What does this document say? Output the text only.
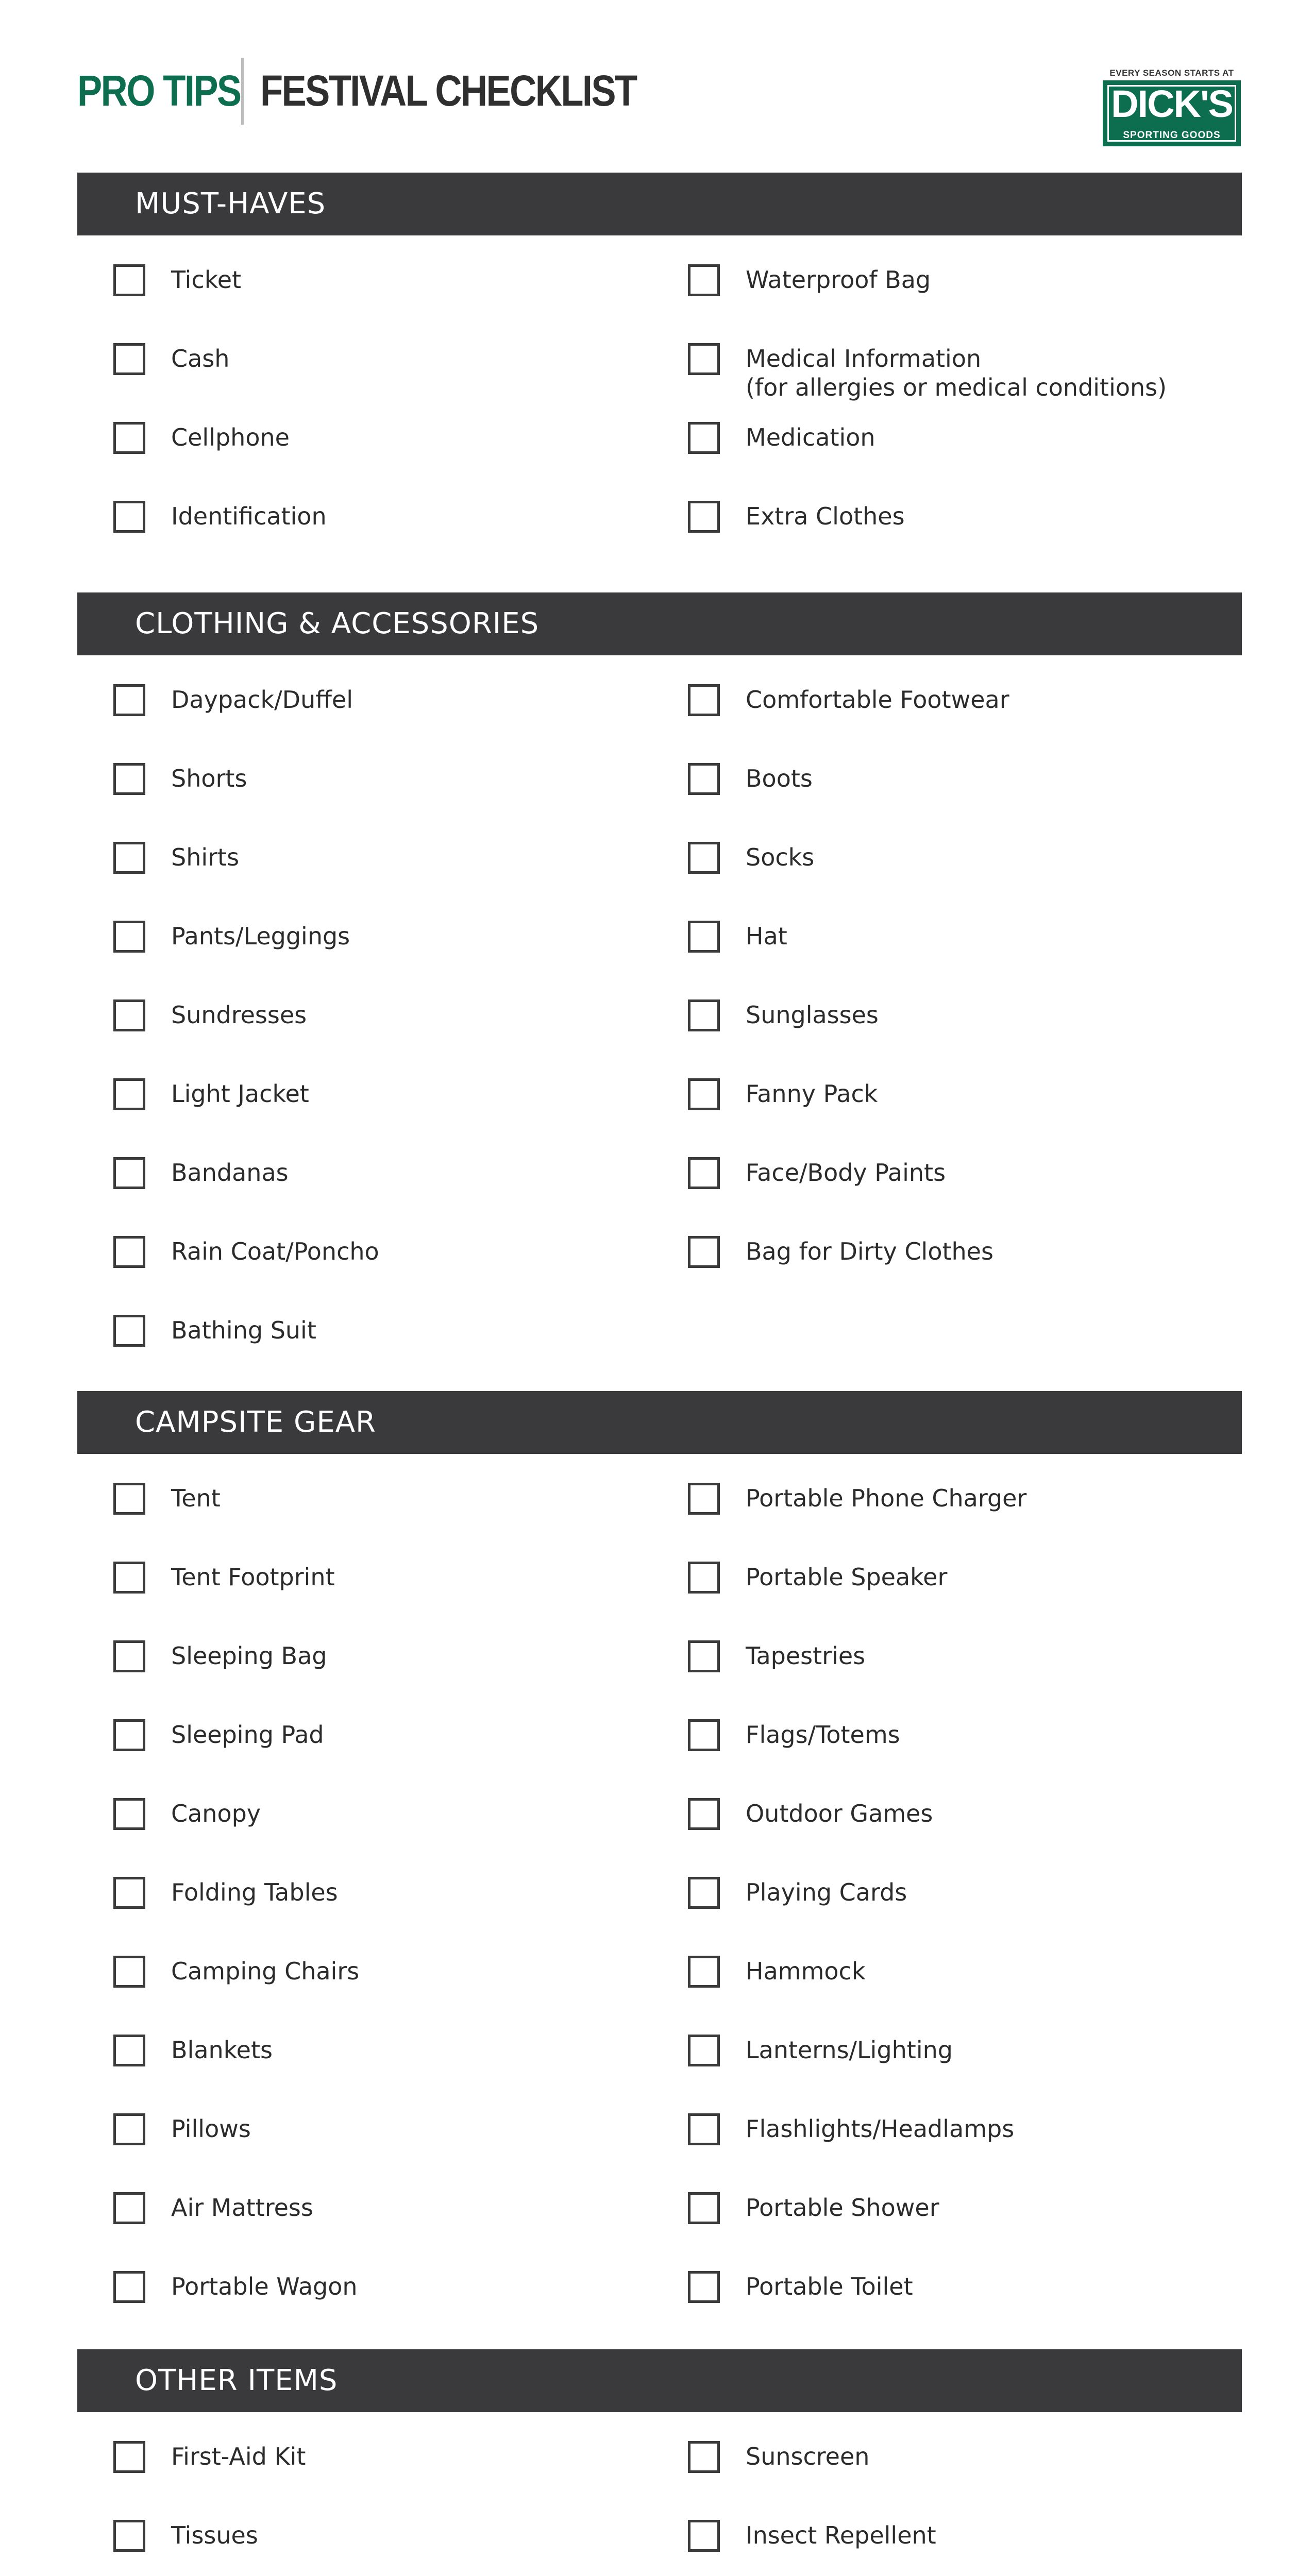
PRO TIPS FESTIVAL CHECKLIST	EVERY SEASON STARTS AT
DICK'S
SPORTING GOODS
MUST-HAVES
Ticket
Cash
Cellphone
Identification
Waterproof Bag
Medical Information
(for allergies or medical conditions)
Medication
Extra Clothes
CLOTHING & ACCESSORIES
Daypack/Duffel
Shorts
Shirts
Pants/Leggings
Sundresses
Light Jacket
Bandanas
Rain Coat/Poncho
Bathing Suit
Comfortable Footwear
Boots
Socks
Hat
Sunglasses
Fanny Pack
Face/Body Paints
Bag for Dirty Clothes
CAMPSITE GEAR
Tent
Tent Footprint
Sleeping Bag
Sleeping Pad
Canopy
Folding Tables
Camping Chairs
Blankets
Pillows
Air Mattress
Portable Wagon
Portable Phone Charger
Portable Speaker
Tapestries
Flags/Totems
Outdoor Games
Playing Cards
Hammock
Lanterns/Lighting
Flashlights/Headlamps
Portable Shower
Portable Toilet
OTHER ITEMS
First-Aid Kit
Tissues
Sunscreen
Insect Repellent
